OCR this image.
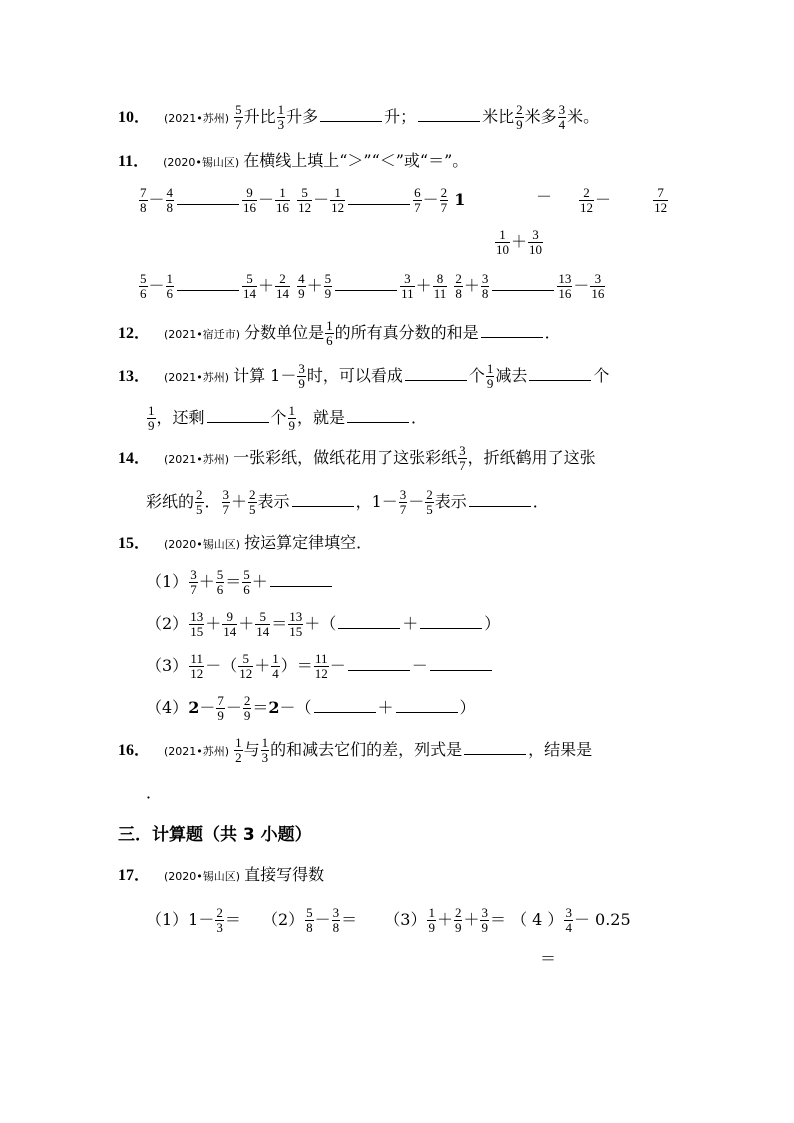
10． (2021•苏州) $\frac{5}{7}$ 升比 $\frac{1}{3}$ 升多	升；	米比 $\frac{2}{9}$ 米多 $\frac{3}{4}$ 米。
11． (2020•锡山区) 在横线上填上“＞”“＜”或“＝”。
$\frac{7}{8} - \frac{4}{8}$	$\frac{9}{16} - \frac{1}{16}$
$\frac{5}{12} - \frac{1}{12}$	$\frac{6}{7} - \frac{2}{7} 1$	－ $\frac{2}{12}$ －	$\frac{7}{12}$
$\frac{1}{10} + \frac{3}{10}$
$\frac{5}{6} - \frac{1}{6}$	$\frac{5}{14} + \frac{2}{14}$
$\frac{4}{9} + \frac{5}{9}$	$\frac{3}{11} + \frac{8}{11}$
$\frac{2}{8} + \frac{3}{8}$	$\frac{13}{16} - \frac{3}{16}$
12． (2021•宿迁市) 分数单位是 $\frac{1}{6}$ 的所有真分数的和是	．
13． (2021•苏州) 计算 $1- \frac{3}{9}$ 时，可以看成	个 $\frac{1}{9}$ 减去	个
$\frac{1}{9}$ ，还剩	个 $\frac{1}{9}$ ，就是	．
14． (2021•苏州) 一张彩纸，做纸花用了这张彩纸 $\frac{3}{7}$ ，折纸鹤用了这张
彩纸的 $\frac{2}{5}$ ． $\frac{3}{7} + \frac{2}{5}$ 表示	，$1- \frac{3}{7} - \frac{2}{5}$ 表示	．
15． (2020•锡山区) 按运算定律填空．
$(1) \frac{3}{7} + \frac{5}{6} = \frac{5}{6}$ ＋
$(2) \frac{13}{15} + \frac{9}{14} + \frac{5}{14} = \frac{13}{15}$ ＋（	＋	）
$(3) \frac{11}{12}$ －（ $\frac{5}{12} + \frac{1}{4}$ ）＝ $\frac{11}{12}$ －	－
$(4)2- \frac{7}{9} - \frac{2}{9} =2-$（	＋	）
16． (2021•苏州) $\frac{1}{2}$ 与 $\frac{1}{3}$ 的和减去它们的差，列式是	，结果是
．
三．计算题（共 3 小题）
17． (2020•锡山区) 直接写得数
$(1)1- \frac{2}{3} = (2) \frac{5}{8} - \frac{3}{8} = (3) \frac{1}{9} + \frac{2}{9} + \frac{3}{9}$ ＝ （ 4 ） $\frac{3}{4} - 0.25$
＝
